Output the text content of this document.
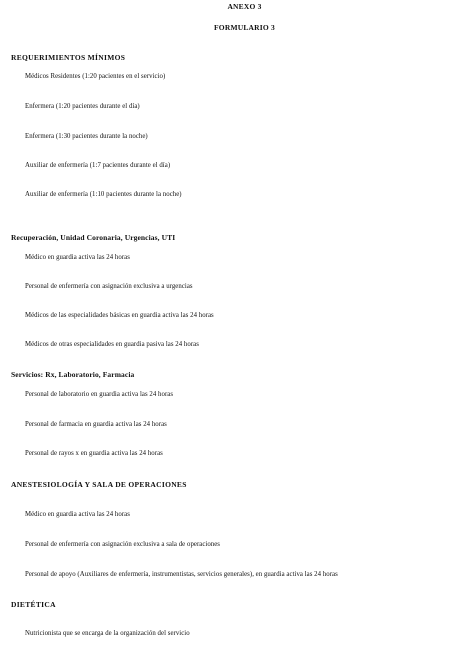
ANEXO 3
FORMULARIO 3
REQUERIMIENTOS MÍNIMOS
Médicos Residentes (1:20 pacientes en el servicio)
Enfermera (1:20 pacientes durante el día)
Enfermera (1:30 pacientes durante la noche)
Auxiliar de enfermería (1:7 pacientes durante el día)
Auxiliar de enfermería (1:10 pacientes durante la noche)
Recuperación, Unidad Coronaria, Urgencias, UTI
Médico en guardia activa las 24 horas
Personal de enfermería con asignación exclusiva a urgencias
Médicos de las especialidades básicas en guardia activa las 24 horas
Médicos de otras especialidades en guardia pasiva las 24 horas
Servicios: Rx, Laboratorio, Farmacia
Personal de laboratorio en guardia activa las 24 horas
Personal de farmacia en guardia activa las 24 horas
Personal de rayos x en guardia activa las 24 horas
ANESTESIOLOGÍA Y SALA DE OPERACIONES
Médico en guardia activa las 24 horas
Personal de enfermería con asignación exclusiva a sala de operaciones
Personal de apoyo (Auxiliares de enfermería, instrumentistas, servicios generales), en guardia activa las 24 horas
DIETÉTICA
Nutricionista que se encarga de la organización del servicio
